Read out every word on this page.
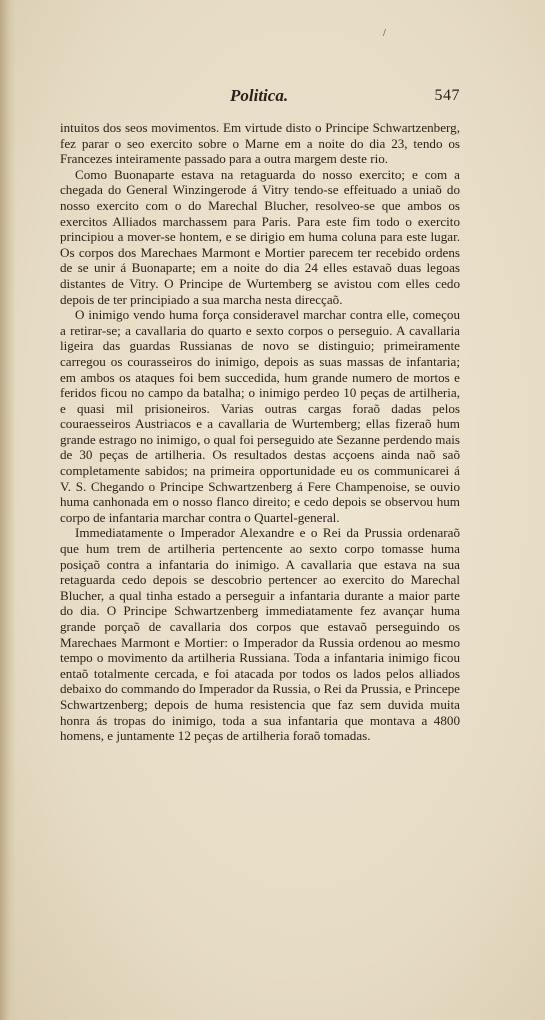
/
Politica.	547

intuitos dos seos movimentos. Em virtude disto o Principe Schwartzenberg, fez parar o seo exercito sobre o Marne em a noite do dia 23, tendo os Francezes inteiramente passado para a outra margem deste rio.

Como Buonaparte estava na retaguarda do nosso exercito; e com a chegada do General Winzingerode á Vitry tendo-se effeituado a uniaõ do nosso exercito com o do Marechal Blucher, resolveo-se que ambos os exercitos Alliados marchassem para Paris. Para este fim todo o exercito principiou a mover-se hontem, e se dirigio em huma coluna para este lugar. Os corpos dos Marechaes Marmont e Mortier parecem ter recebido ordens de se unir á Buonaparte; em a noite do dia 24 elles estavaõ duas legoas distantes de Vitry. O Principe de Wurtemberg se avistou com elles cedo depois de ter principiado a sua marcha nesta direcçaõ.

O inimigo vendo huma força consideravel marchar contra elle, começou a retirar-se; a cavallaria do quarto e sexto corpos o perseguio. A cavallaria ligeira das guardas Russianas de novo se distinguio; primeiramente carregou os courasseiros do inimigo, depois as suas massas de infantaria; em ambos os ataques foi bem succedida, hum grande numero de mortos e feridos ficou no campo da batalha; o inimigo perdeo 10 peças de artilheria, e quasi mil prisioneiros. Varias outras cargas foraõ dadas pelos couraesseiros Austriacos e a cavallaria de Wurtemberg; ellas fizeraõ hum grande estrago no inimigo, o qual foi perseguido ate Sezanne perdendo mais de 30 peças de artilheria. Os resultados destas acçoens ainda naõ saõ completamente sabidos; na primeira opportunidade eu os communicarei á V. S. Chegando o Principe Schwartzenberg á Fere Champenoise, se ouvio huma canhonada em o nosso flanco direito; e cedo depois se observou hum corpo de infantaria marchar contra o Quartel-general.

Immediatamente o Imperador Alexandre e o Rei da Prussia ordenaraõ que hum trem de artilheria pertencente ao sexto corpo tomasse huma posiçaõ contra a infantaria do inimigo. A cavallaria que estava na sua retaguarda cedo depois se descobrio pertencer ao exercito do Marechal Blucher, a qual tinha estado a perseguir a infantaria durante a maior parte do dia. O Principe Schwartzenberg immediatamente fez avançar huma grande porçaõ de cavallaria dos corpos que estavaõ perseguindo os Marechaes Marmont e Mortier: o Imperador da Russia ordenou ao mesmo tempo o movimento da artilheria Russiana. Toda a infantaria inimigo ficou entaõ totalmente cercada, e foi atacada por todos os lados pelos alliados debaixo do commando do Imperador da Russia, o Rei da Prussia, e Princepe Schwartzenberg; depois de huma resistencia que faz sem duvida muita honra ás tropas do inimigo, toda a sua infantaria que montava a 4800 homens, e juntamente 12 peças de artilheria foraõ tomadas.
